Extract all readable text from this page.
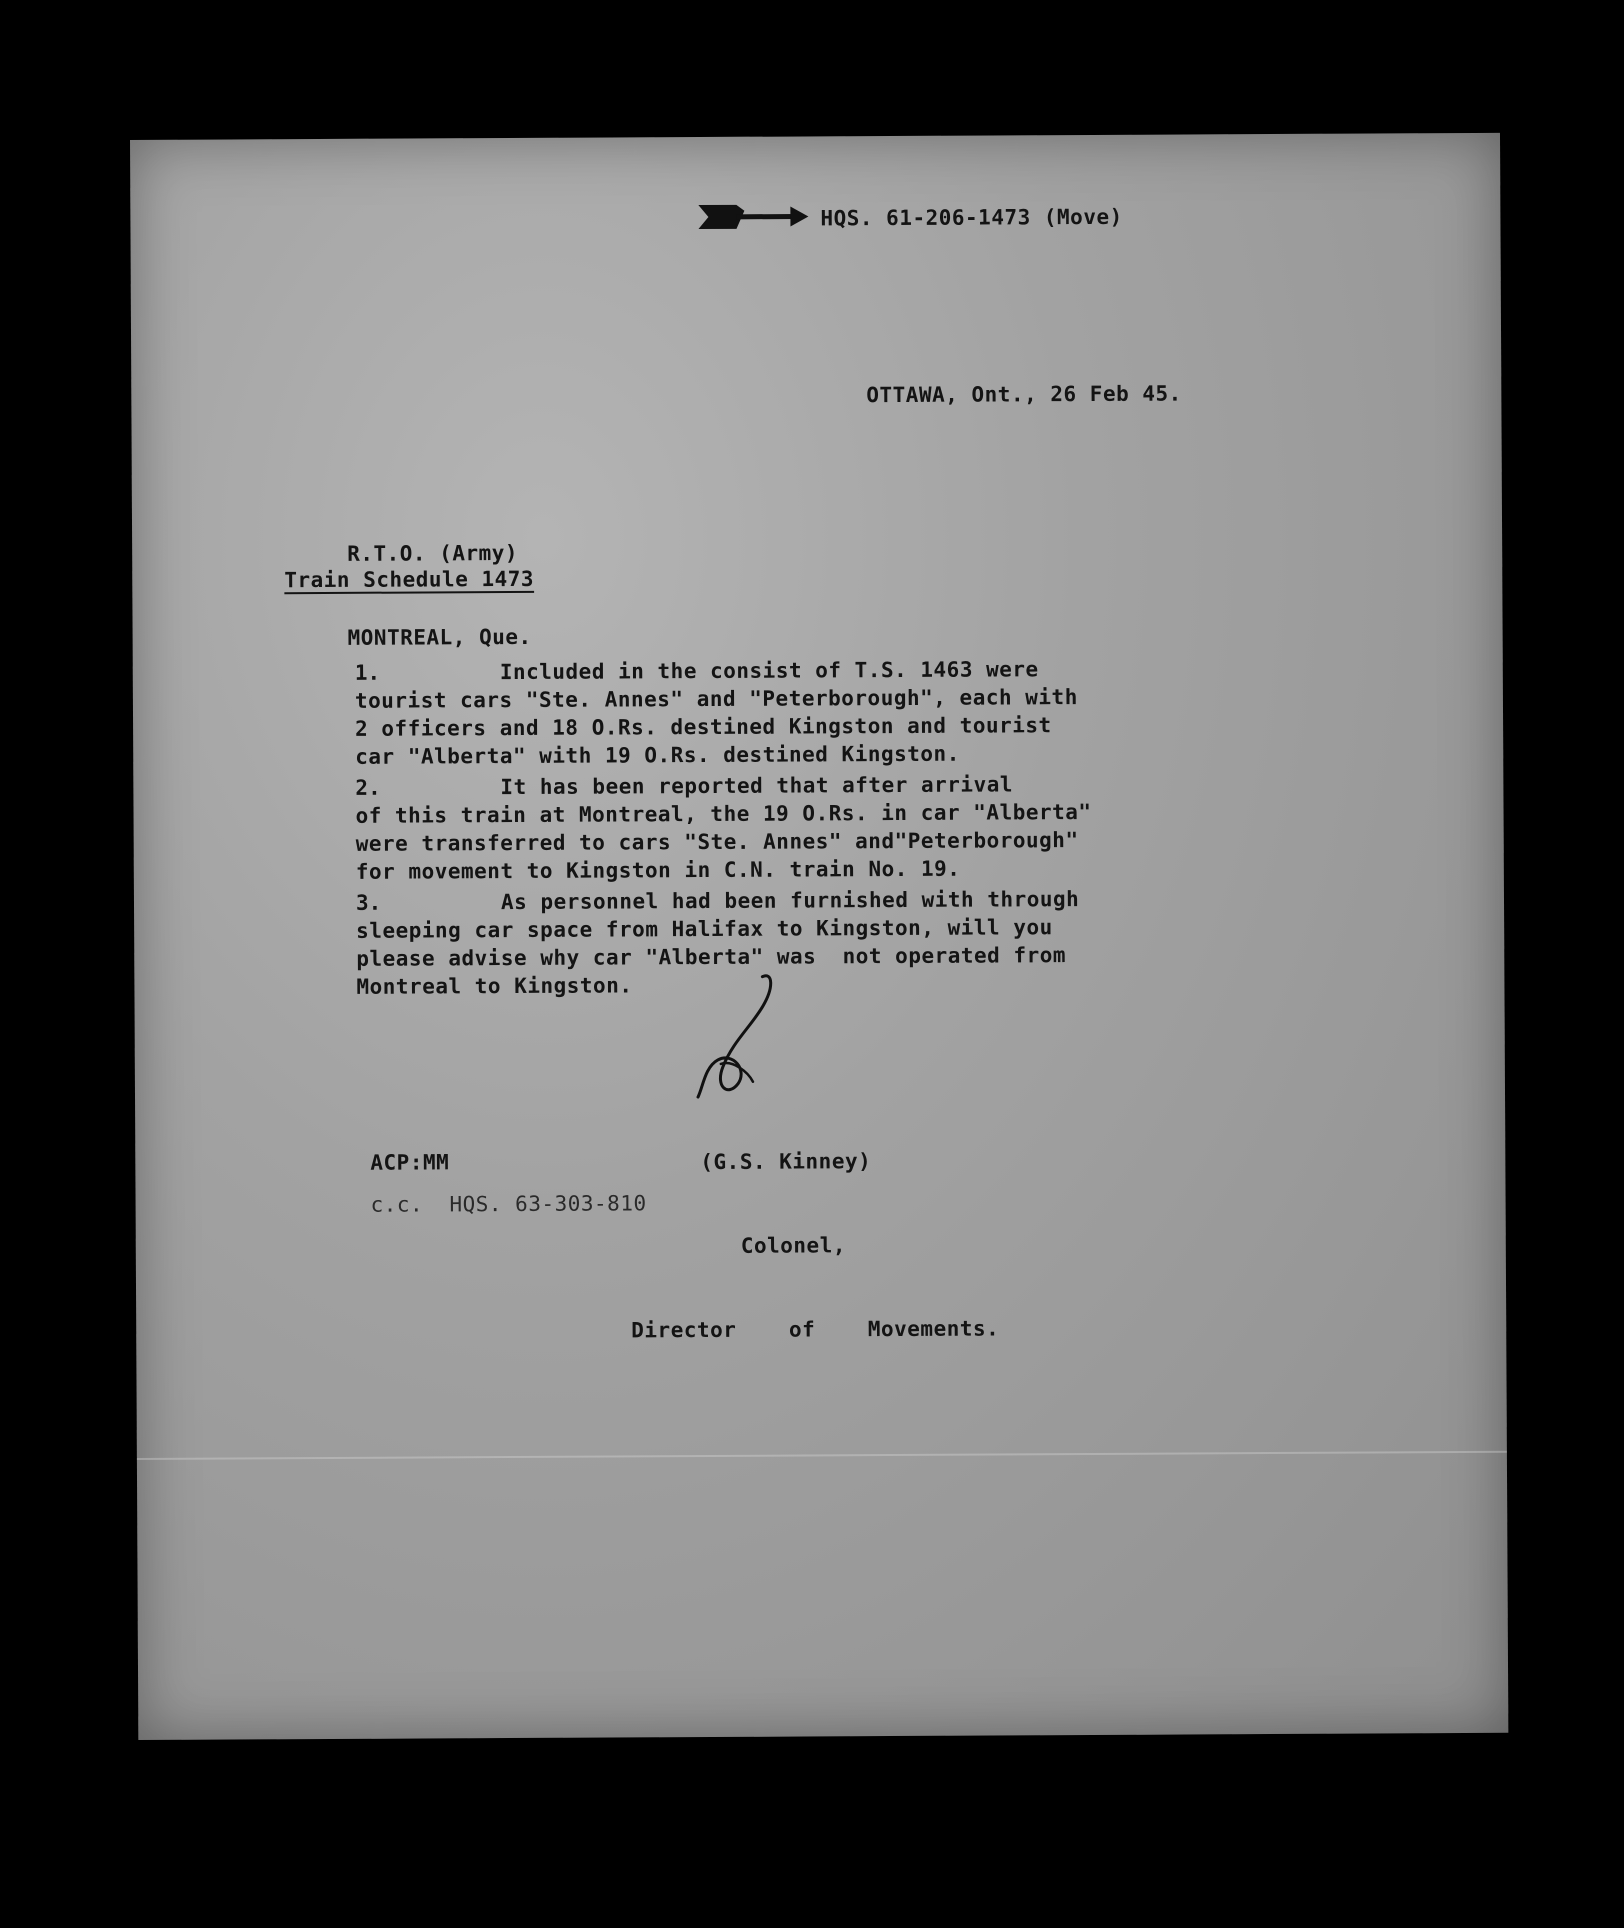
HQS. 61-206-1473 (Move)
OTTAWA, Ont., 26 Feb 45.

R.T.O. (Army)

MONTREAL, Que.

Train Schedule 1473
1.	Included in the consist of T.S. 1463 were
tourist cars "Ste. Annes" and "Peterborough", each with
2 officers and 18 O.Rs. destined Kingston and tourist
car "Alberta" with 19 O.Rs. destined Kingston.
2.	It has been reported that after arrival
of this train at Montreal, the 19 O.Rs. in car "Alberta"
were transferred to cars "Ste. Annes" and"Peterborough"
for movement to Kingston in C.N. train No. 19.
3.	As personnel had been furnished with through
sleeping car space from Halifax to Kingston, will you
please advise why car "Alberta" was  not operated from
Montreal to Kingston.

(G.S. Kinney)

Colonel,

Director    of    Movements.

ACP:MM
c.c.  HQS. 63-303-810
